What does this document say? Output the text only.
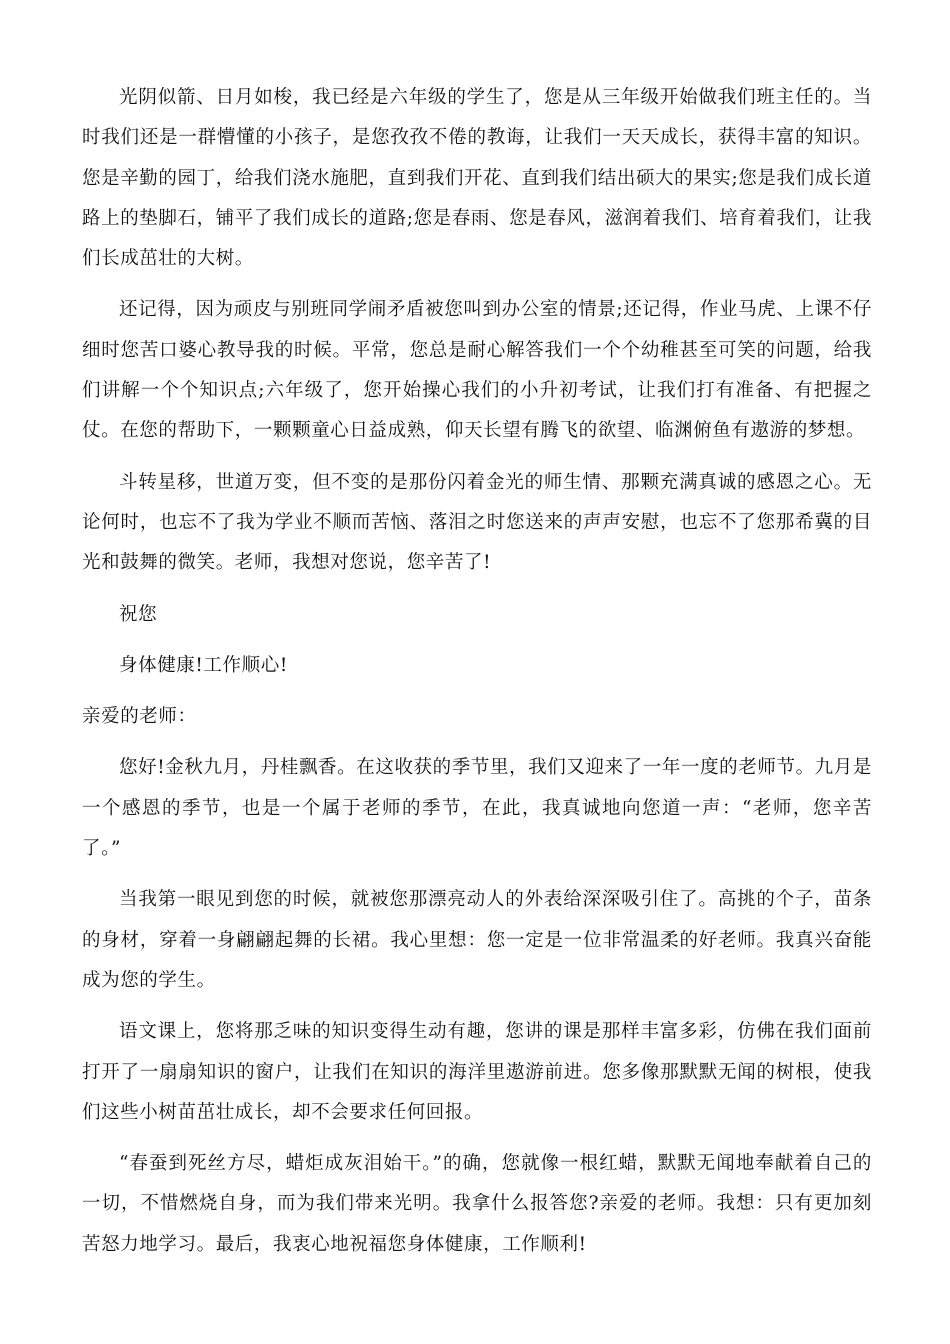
光阴似箭、日月如梭，我已经是六年级的学生了，您是从三年级开始做我们班主任的。当时我们还是一群懵懂的小孩子，是您孜孜不倦的教诲，让我们一天天成长，获得丰富的知识。您是辛勤的园丁，给我们浇水施肥，直到我们开花、直到我们结出硕大的果实;您是我们成长道路上的垫脚石，铺平了我们成长的道路;您是春雨、您是春风，滋润着我们、培育着我们，让我们长成茁壮的大树。

还记得，因为顽皮与别班同学闹矛盾被您叫到办公室的情景;还记得，作业马虎、上课不仔细时您苦口婆心教导我的时候。平常，您总是耐心解答我们一个个幼稚甚至可笑的问题，给我们讲解一个个知识点;六年级了，您开始操心我们的小升初考试，让我们打有准备、有把握之仗。在您的帮助下，一颗颗童心日益成熟，仰天长望有腾飞的欲望、临渊俯鱼有遨游的梦想。

斗转星移，世道万变，但不变的是那份闪着金光的师生情、那颗充满真诚的感恩之心。无论何时，也忘不了我为学业不顺而苦恼、落泪之时您送来的声声安慰，也忘不了您那希冀的目光和鼓舞的微笑。老师，我想对您说，您辛苦了!

祝您

身体健康!工作顺心!

亲爱的老师：

您好!金秋九月，丹桂飘香。在这收获的季节里，我们又迎来了一年一度的老师节。九月是一个感恩的季节，也是一个属于老师的季节，在此，我真诚地向您道一声：“老师，您辛苦了。”

当我第一眼见到您的时候，就被您那漂亮动人的外表给深深吸引住了。高挑的个子，苗条的身材，穿着一身翩翩起舞的长裙。我心里想：您一定是一位非常温柔的好老师。我真兴奋能成为您的学生。

语文课上，您将那乏味的知识变得生动有趣，您讲的课是那样丰富多彩，仿佛在我们面前打开了一扇扇知识的窗户，让我们在知识的海洋里遨游前进。您多像那默默无闻的树根，使我们这些小树苗茁壮成长，却不会要求任何回报。

“春蚕到死丝方尽，蜡炬成灰泪始干。”的确，您就像一根红蜡，默默无闻地奉献着自己的一切，不惜燃烧自身，而为我们带来光明。我拿什么报答您?亲爱的老师。我想：只有更加刻苦怒力地学习。最后，我衷心地祝福您身体健康，工作顺利!
